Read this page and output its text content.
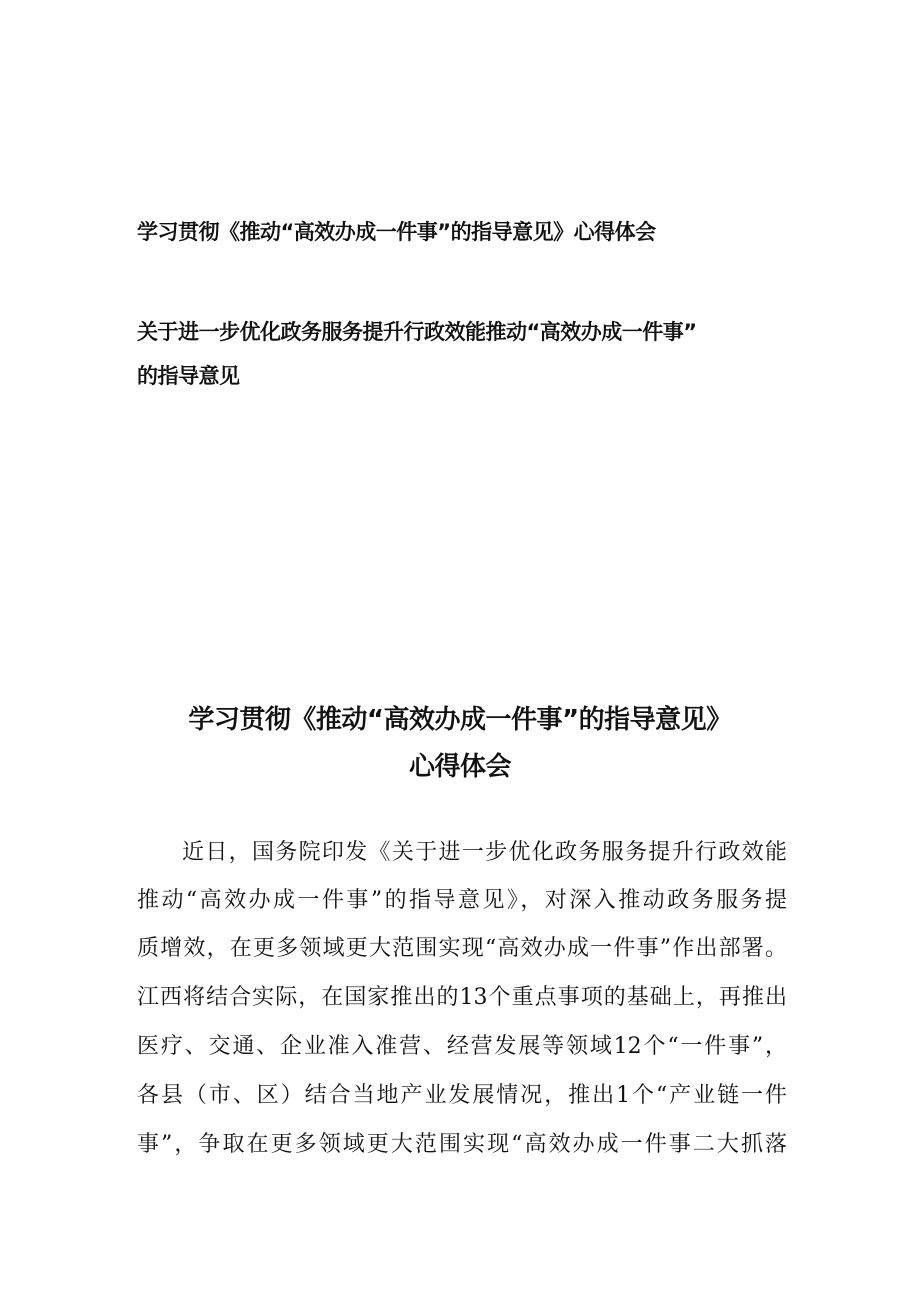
学习贯彻《推动“高效办成一件事”的指导意见》心得体会
关于进一步优化政务服务提升行政效能推动“高效办成一件事”
的指导意见
学习贯彻《推动“高效办成一件事”的指导意见》
心得体会
近日，国务院印发《关于进一步优化政务服务提升行政效能
推动“高效办成一件事”的指导意见》，对深入推动政务服务提
质增效，在更多领域更大范围实现“高效办成一件事”作出部署。
江西将结合实际，在国家推出的13个重点事项的基础上，再推出
医疗、交通、企业准入准营、经营发展等领域12个“一件事”，
各县（市、区）结合当地产业发展情况，推出1个“产业链一件
事”，争取在更多领域更大范围实现“高效办成一件事二大抓落
